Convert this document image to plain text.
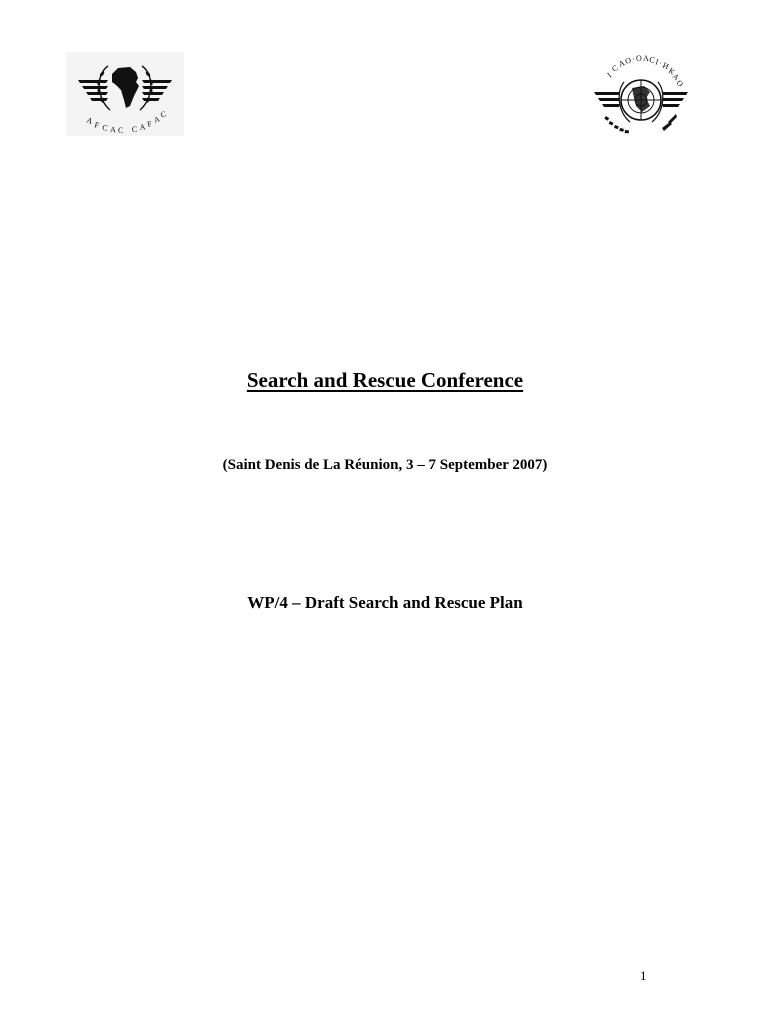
A F C A C C A F A
C
I
C
A
O · O A C
I · И
К
А
О
Search and Rescue Conference
(Saint Denis de La Réunion, 3 – 7 September 2007)
WP/4 – Draft Search and Rescue Plan
1
